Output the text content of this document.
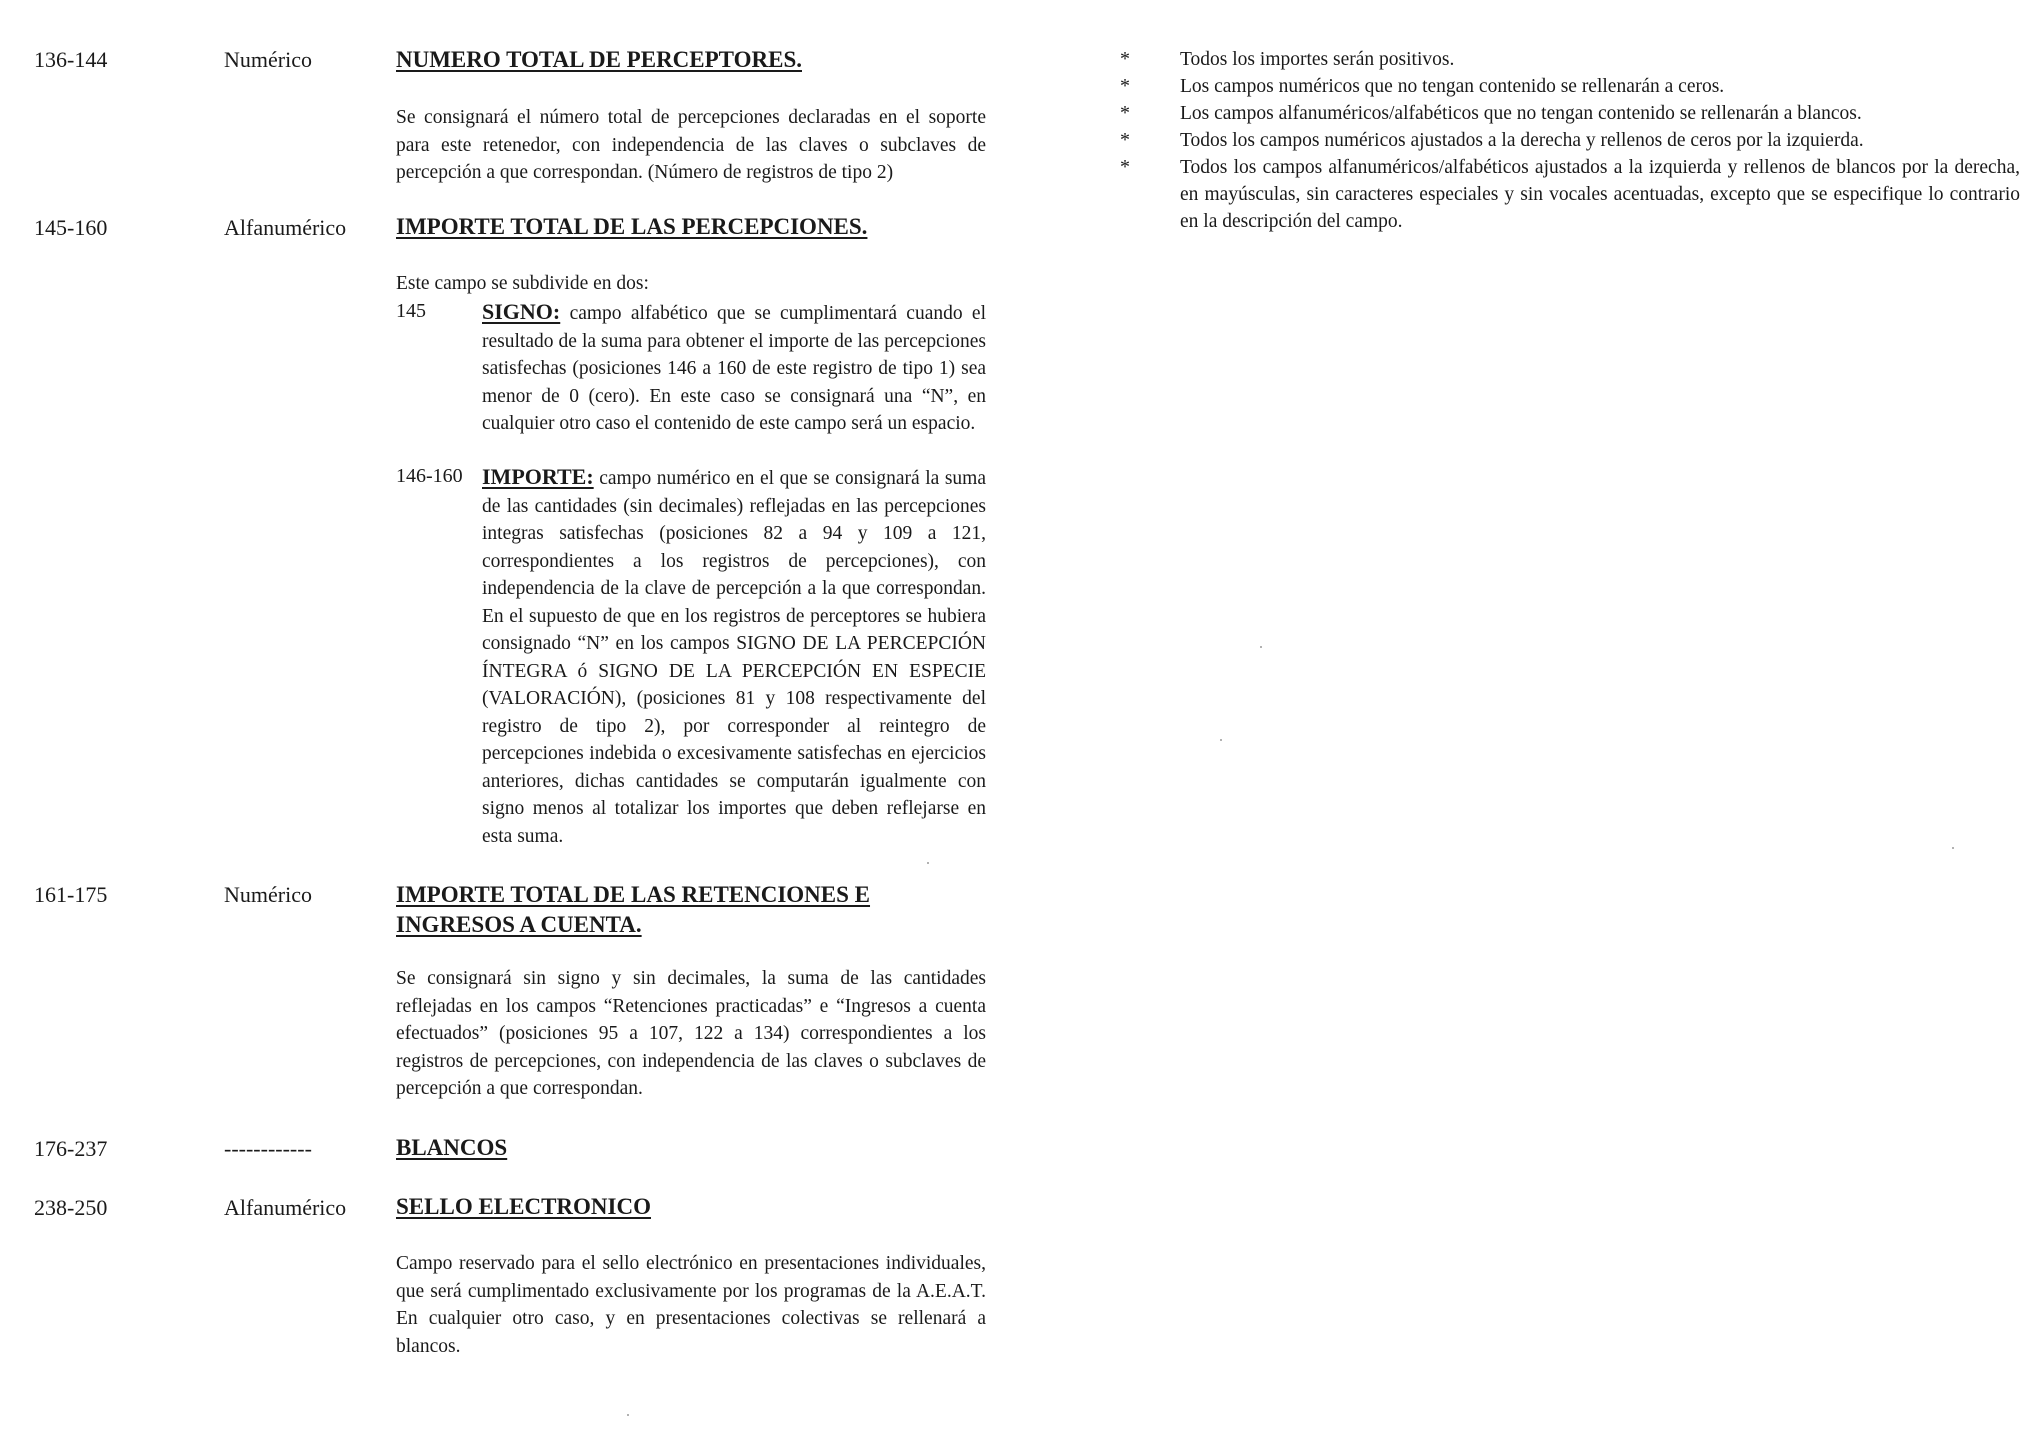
136-144	Numérico	NUMERO TOTAL DE PERCEPTORES.
Se consignará el número total de percepciones declaradas en el soporte para este retenedor, con independencia de las claves o subclaves de percepción a que correspondan. (Número de registros de tipo 2)
145-160	Alfanumérico IMPORTE TOTAL DE LAS PERCEPCIONES.
Este campo se subdivide en dos:
145	SIGNO: campo alfabético que se cumplimentará cuando el resultado de la suma para obtener el importe de las percepciones satisfechas (posiciones 146 a 160 de este registro de tipo 1) sea menor de 0 (cero). En este caso se consignará una “N”, en cualquier otro caso el contenido de este campo será un espacio.
146-160 IMPORTE: campo numérico en el que se consignará la suma de las cantidades (sin decimales) reflejadas en las percepciones integras satisfechas (posiciones 82 a 94 y 109 a 121, correspondientes a los registros de percepciones), con independencia de la clave de percepción a la que correspondan. En el supuesto de que en los registros de perceptores se hubiera consignado “N” en los campos SIGNO DE LA PERCEPCIÓN ÍNTEGRA ó SIGNO DE LA PERCEPCIÓN EN ESPECIE (VALORACIÓN), (posiciones 81 y 108 respectivamente del registro de tipo 2), por corresponder al reintegro de percepciones indebida o excesivamente satisfechas en ejercicios anteriores, dichas cantidades se computarán igualmente con signo menos al totalizar los importes que deben reflejarse en esta suma.
161-175	Numérico	IMPORTE TOTAL DE LAS RETENCIONES E
INGRESOS A CUENTA.
Se consignará sin signo y sin decimales, la suma de las cantidades reflejadas en los campos “Retenciones practicadas” e “Ingresos a cuenta efectuados” (posiciones 95 a 107, 122 a 134) correspondientes a los registros de percepciones, con independencia de las claves o subclaves de percepción a que correspondan.
176-237	------------	BLANCOS
238-250	Alfanumérico SELLO ELECTRONICO
Campo reservado para el sello electrónico en presentaciones individuales, que será cumplimentado exclusivamente por los programas de la A.E.A.T. En cualquier otro caso, y en presentaciones colectivas se rellenará a blancos.
*	Todos los importes serán positivos.
*	Los campos numéricos que no tengan contenido se rellenarán a ceros.
*	Los campos alfanuméricos/alfabéticos que no tengan contenido se rellenarán a blancos.
*	Todos los campos numéricos ajustados a la derecha y rellenos de ceros por la izquierda.
*	Todos los campos alfanuméricos/alfabéticos ajustados a la izquierda y rellenos de blancos por la derecha, en mayúsculas, sin caracteres especiales y sin vocales acentuadas, excepto que se especifique lo contrario en la descripción del campo.
